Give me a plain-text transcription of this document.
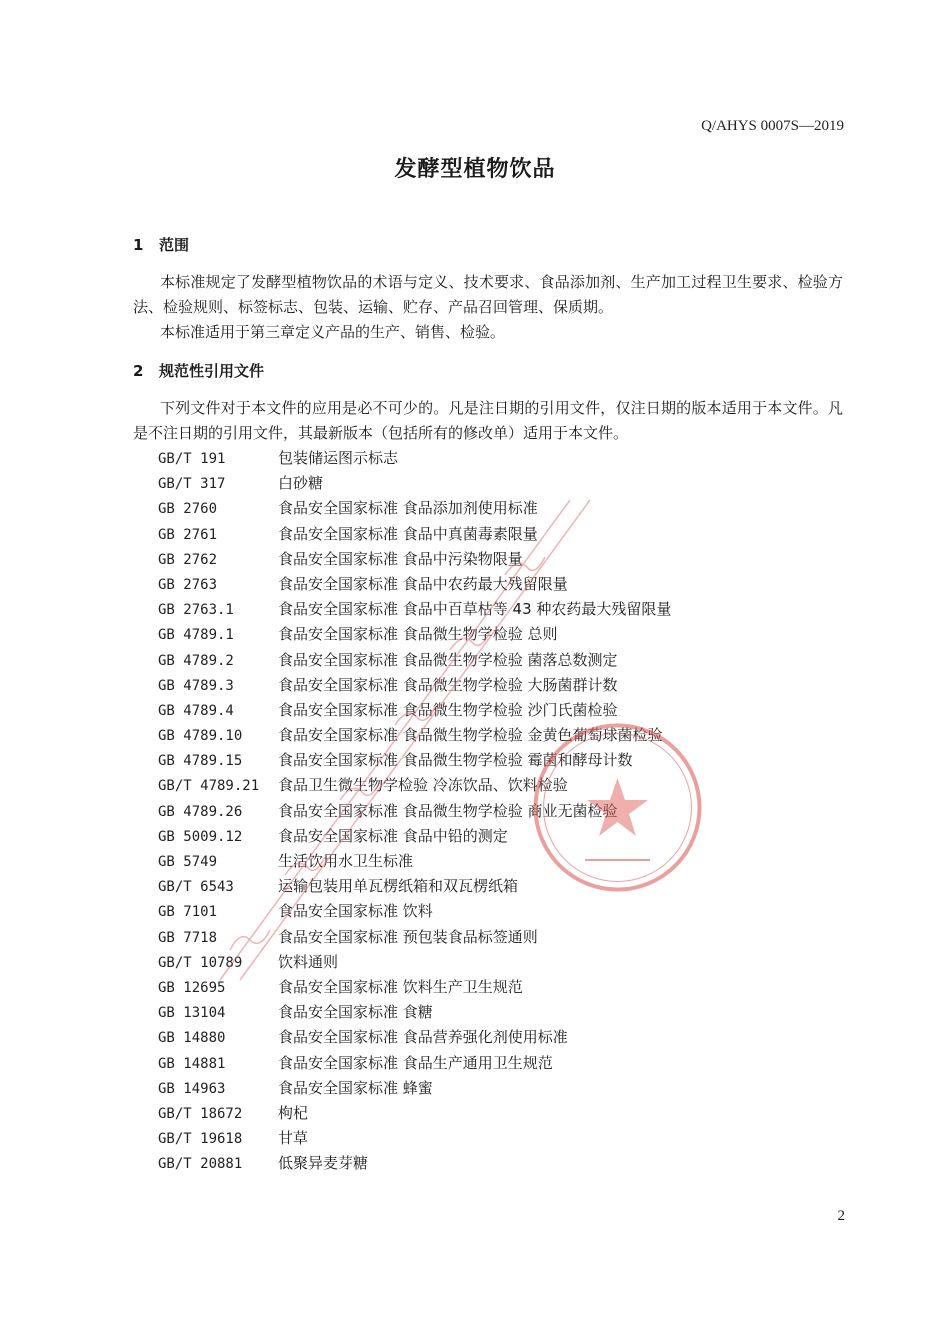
Q/AHYS 0007S—2019
发酵型植物饮品
1 范围

本标准规定了发酵型植物饮品的术语与定义、技术要求、食品添加剂、生产加工过程卫生要求、检验方法、检验规则、标签标志、包装、运输、贮存、产品召回管理、保质期。

本标准适用于第三章定义产品的生产、销售、检验。

2 规范性引用文件

下列文件对于本文件的应用是必不可少的。凡是注日期的引用文件，仅注日期的版本适用于本文件。凡是不注日期的引用文件，其最新版本（包括所有的修改单）适用于本文件。

GB/T 191	包装储运图示标志
GB/T 317	白砂糖
GB 2760	食品安全国家标准 食品添加剂使用标准
GB 2761	食品安全国家标准 食品中真菌毒素限量
GB 2762	食品安全国家标准 食品中污染物限量
GB 2763	食品安全国家标准 食品中农药最大残留限量
GB 2763.1	食品安全国家标准 食品中百草枯等 43 种农药最大残留限量
GB 4789.1	食品安全国家标准 食品微生物学检验 总则
GB 4789.2	食品安全国家标准 食品微生物学检验 菌落总数测定
GB 4789.3	食品安全国家标准 食品微生物学检验 大肠菌群计数
GB 4789.4	食品安全国家标准 食品微生物学检验 沙门氏菌检验
GB 4789.10 食品安全国家标准 食品微生物学检验 金黄色葡萄球菌检验
GB 4789.15 食品安全国家标准 食品微生物学检验 霉菌和酵母计数
GB/T 4789.21 食品卫生微生物学检验 冷冻饮品、饮料检验
GB 4789.26 食品安全国家标准 食品微生物学检验 商业无菌检验
GB 5009.12 食品安全国家标准 食品中铅的测定
GB 5749	生活饮用水卫生标准
GB/T 6543	运输包装用单瓦楞纸箱和双瓦楞纸箱
GB 7101	食品安全国家标准 饮料
GB 7718	食品安全国家标准 预包装食品标签通则
GB/T 10789 饮料通则
GB 12695	食品安全国家标准 饮料生产卫生规范
GB 13104	食品安全国家标准 食糖
GB 14880	食品安全国家标准 食品营养强化剂使用标准
GB 14881	食品安全国家标准 食品生产通用卫生规范
GB 14963	食品安全国家标准 蜂蜜
GB/T 18672 枸杞
GB/T 19618 甘草
GB/T 20881 低聚异麦芽糖
2
